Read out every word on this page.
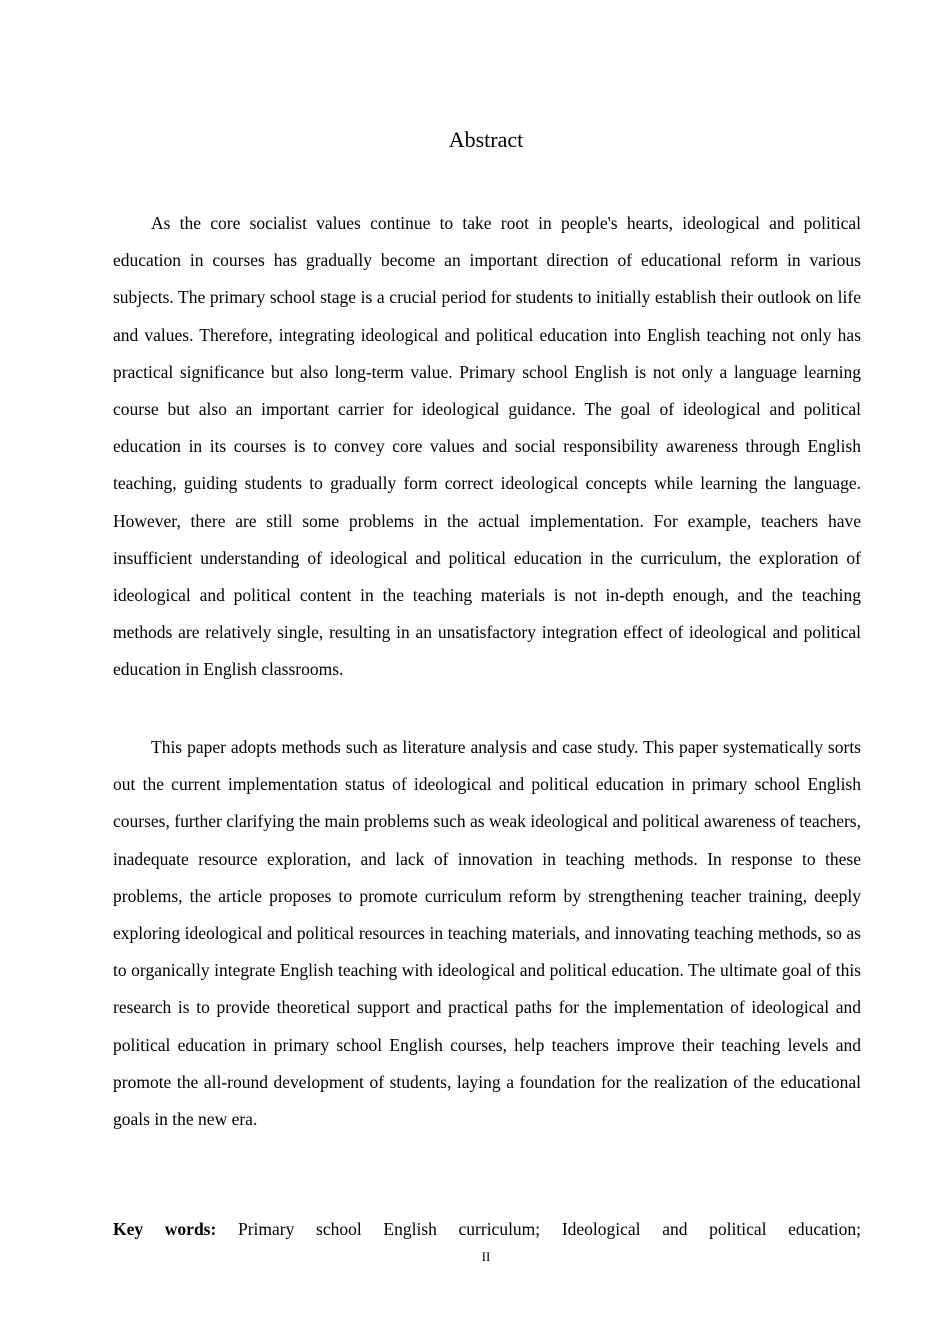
Abstract

As the core socialist values continue to take root in people's hearts, ideological and political education in courses has gradually become an important direction of educational reform in various subjects. The primary school stage is a crucial period for students to initially establish their outlook on life and values. Therefore, integrating ideological and political education into English teaching not only has practical significance but also long-term value. Primary school English is not only a language learning course but also an important carrier for ideological guidance. The goal of ideological and political education in its courses is to convey core values and social responsibility awareness through English teaching, guiding students to gradually form correct ideological concepts while learning the language. However, there are still some problems in the actual implementation. For example, teachers have insufficient understanding of ideological and political education in the curriculum, the exploration of ideological and political content in the teaching materials is not in-depth enough, and the teaching methods are relatively single, resulting in an unsatisfactory integration effect of ideological and political education in English classrooms.

This paper adopts methods such as literature analysis and case study. This paper systematically sorts out the current implementation status of ideological and political education in primary school English courses, further clarifying the main problems such as weak ideological and political awareness of teachers, inadequate resource exploration, and lack of innovation in teaching methods. In response to these problems, the article proposes to promote curriculum reform by strengthening teacher training, deeply exploring ideological and political resources in teaching materials, and innovating teaching methods, so as to organically integrate English teaching with ideological and political education. The ultimate goal of this research is to provide theoretical support and practical paths for the implementation of ideological and political education in primary school English courses, help teachers improve their teaching levels and promote the all-round development of students, laying a foundation for the realization of the educational goals in the new era.

Key words: Primary school English curriculum; Ideological and political education;

II
